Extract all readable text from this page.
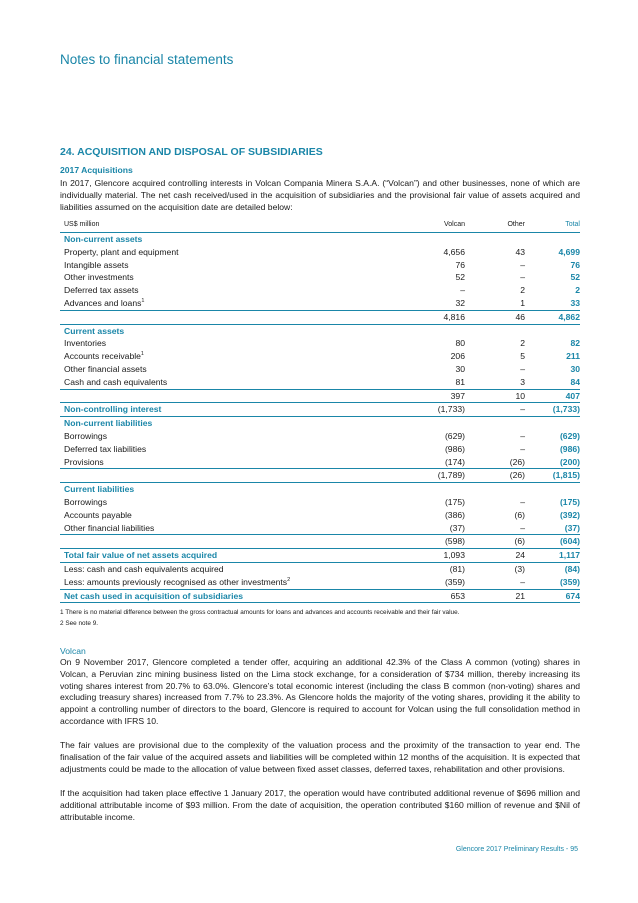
Notes to financial statements
24. ACQUISITION AND DISPOSAL OF SUBSIDIARIES
2017 Acquisitions
In 2017, Glencore acquired controlling interests in Volcan Compania Minera S.A.A. (“Volcan”) and other businesses, none of which are individually material. The net cash received/used in the acquisition of subsidiaries and the provisional fair value of assets acquired and liabilities assumed on the acquisition date are detailed below:
US$ million	Volcan	Other	Total
Non-current assets			
Property, plant and equipment	4,656	43	4,699
Intangible assets	76	–	76
Other investments	52	–	52
Deferred tax assets	–	2	2
Advances and loans$^1$	32	1	33
	4,816	46	4,862
Current assets			
Inventories	80	2	82
Accounts receivable$^1$	206	5	211
Other financial assets	30	–	30
Cash and cash equivalents	81	3	84
	397	10	407
Non-controlling interest	(1,733)	–	(1,733)
Non-current liabilities			
Borrowings	(629)	–	(629)
Deferred tax liabilities	(986)	–	(986)
Provisions	(174)	(26)	(200)
	(1,789)	(26)	(1,815)
Current liabilities			
Borrowings	(175)	–	(175)
Accounts payable	(386)	(6)	(392)
Other financial liabilities	(37)	–	(37)
	(598)	(6)	(604)
Total fair value of net assets acquired	1,093	24	1,117
Less: cash and cash equivalents acquired	(81)	(3)	(84)
Less: amounts previously recognised as other investments$^2$	(359)	–	(359)
Net cash used in acquisition of subsidiaries	653	21	674
1 There is no material difference between the gross contractual amounts for loans and advances and accounts receivable and their fair value.
2 See note 9.
Volcan
On 9 November 2017, Glencore completed a tender offer, acquiring an additional 42.3% of the Class A common (voting) shares in Volcan, a Peruvian zinc mining business listed on the Lima stock exchange, for a consideration of $734 million, thereby increasing its voting shares interest from 20.7% to 63.0%. Glencore’s total economic interest (including the class B common (non-voting) shares and excluding treasury shares) increased from 7.7% to 23.3%. As Glencore holds the majority of the voting shares, providing it the ability to appoint a controlling number of directors to the board, Glencore is required to account for Volcan using the full consolidation method in accordance with IFRS 10.
The fair values are provisional due to the complexity of the valuation process and the proximity of the transaction to year end. The finalisation of the fair value of the acquired assets and liabilities will be completed within 12 months of the acquisition. It is expected that adjustments could be made to the allocation of value between fixed asset classes, deferred taxes, rehabilitation and other provisions.
If the acquisition had taken place effective 1 January 2017, the operation would have contributed additional revenue of $696 million and additional attributable income of $93 million. From the date of acquisition, the operation contributed $160 million of revenue and $Nil of attributable income.
Glencore 2017 Preliminary Results - 95
